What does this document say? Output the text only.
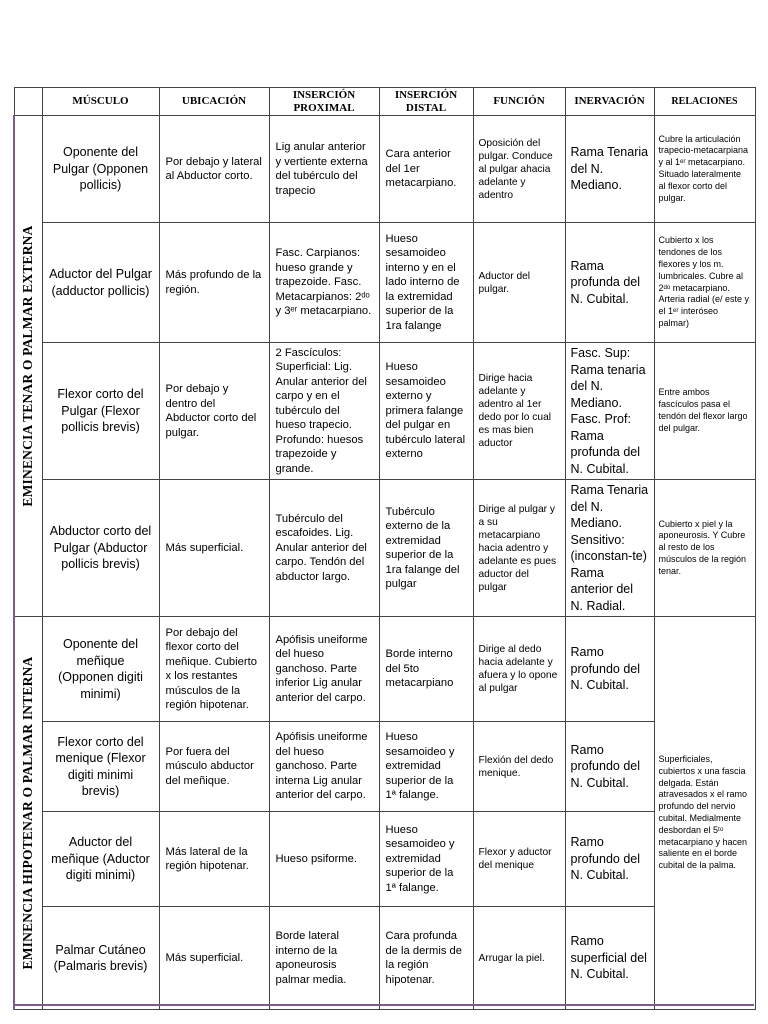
	MÚSCULO	UBICACIÓN	INSERCIÓN PROXIMAL	INSERCIÓN DISTAL	FUNCIÓN	INERVACIÓN	RELACIONES

EMINENCIA TENAR O PALMAR EXTERNA	Oponente del Pulgar (Opponen pollicis)	Por debajo y lateral al Abductor corto.	Lig anular anterior y vertiente externa del tubérculo del trapecio	Cara anterior del 1er metacarpiano.	Oposición del pulgar. Conduce al pulgar ahacia adelante y adentro	Rama Tenaria del N. Mediano.	Cubre la articulación trapecio-metacarpiana y al 1ᵉʳ metacarpiano. Situado lateralmente al flexor corto del pulgar.
	Aductor del Pulgar (adductor pollicis)	Más profundo de la región.	Fasc. Carpianos: hueso grande y trapezoide. Fasc. Metacarpianos: 2ᵈᵒ y 3ᵉʳ metacarpiano.	Hueso sesamoideo interno y en el lado interno de la extremidad superior de la 1ra falange	Aductor del pulgar.	Rama profunda del N. Cubital.	Cubierto x los tendones de los flexores y los m. lumbricales. Cubre al 2ᵈᵒ metacarpiano. Arteria radial (e/ este y el 1ᵉʳ interóseo palmar)
	Flexor corto del Pulgar (Flexor pollicis brevis)	Por debajo y dentro del Abductor corto del pulgar.	2 Fascículos: Superficial: Lig. Anular anterior del carpo y en el tubérculo del hueso trapecio. Profundo: huesos trapezoide y grande.	Hueso sesamoideo externo y primera falange del pulgar en tubérculo lateral externo	Dirige hacia adelante y adentro al 1er dedo por lo cual es mas bien aductor	Fasc. Sup: Rama tenaria del N. Mediano. Fasc. Prof: Rama profunda del N. Cubital.	Entre ambos fascículos pasa el tendón del flexor largo del pulgar.
	Abductor corto del Pulgar (Abductor pollicis brevis)	Más superficial.	Tubérculo del escafoides. Lig. Anular anterior del carpo. Tendón del abductor largo.	Tubérculo externo de la extremidad superior de la 1ra falange del pulgar	Dirige al pulgar y a su metacarpiano hacia adentro y adelante es pues aductor del pulgar	Rama Tenaria del N. Mediano. Sensitivo: (inconstan-te) Rama anterior del N. Radial.	Cubierto x piel y la aponeurosis. Y Cubre al resto de los músculos de la región tenar.

EMINENCIA HIPOTENAR O PALMAR INTERNA	Oponente del meñique (Opponen digiti minimi)	Por debajo del flexor corto del meñique. Cubierto x los restantes músculos de la región hipotenar.	Apófisis uneiforme del hueso ganchoso. Parte inferior Lig anular anterior del carpo.	Borde interno del 5to metacarpiano	Dirige al dedo hacia adelante y afuera y lo opone al pulgar	Ramo profundo del N. Cubital.	Superficiales, cubiertos x una fascia delgada. Están atravesados x el ramo profundo del nervio cubital. Medialmente desbordan el 5ᵗᵒ metacarpiano y hacen saliente en el borde cubital de la palma.
	Flexor corto del menique (Flexor digiti minimi brevis)	Por fuera del músculo abductor del meñique.	Apófisis uneiforme del hueso ganchoso. Parte interna Lig anular anterior del carpo.	Hueso sesamoideo y extremidad superior de la 1ª falange.	Flexión del dedo menique.	Ramo profundo del N. Cubital.	
	Aductor del meñique (Aductor digiti minimi)	Más lateral de la región hipotenar.	Hueso psiforme.	Hueso sesamoideo y extremidad superior de la 1ª falange.	Flexor y aductor del menique	Ramo profundo del N. Cubital.	
	Palmar Cutáneo (Palmaris brevis)	Más superficial.	Borde lateral interno de la aponeurosis palmar media.	Cara profunda de la dermis de la región hipotenar.	Arrugar la piel.	Ramo superficial del N. Cubital.	
